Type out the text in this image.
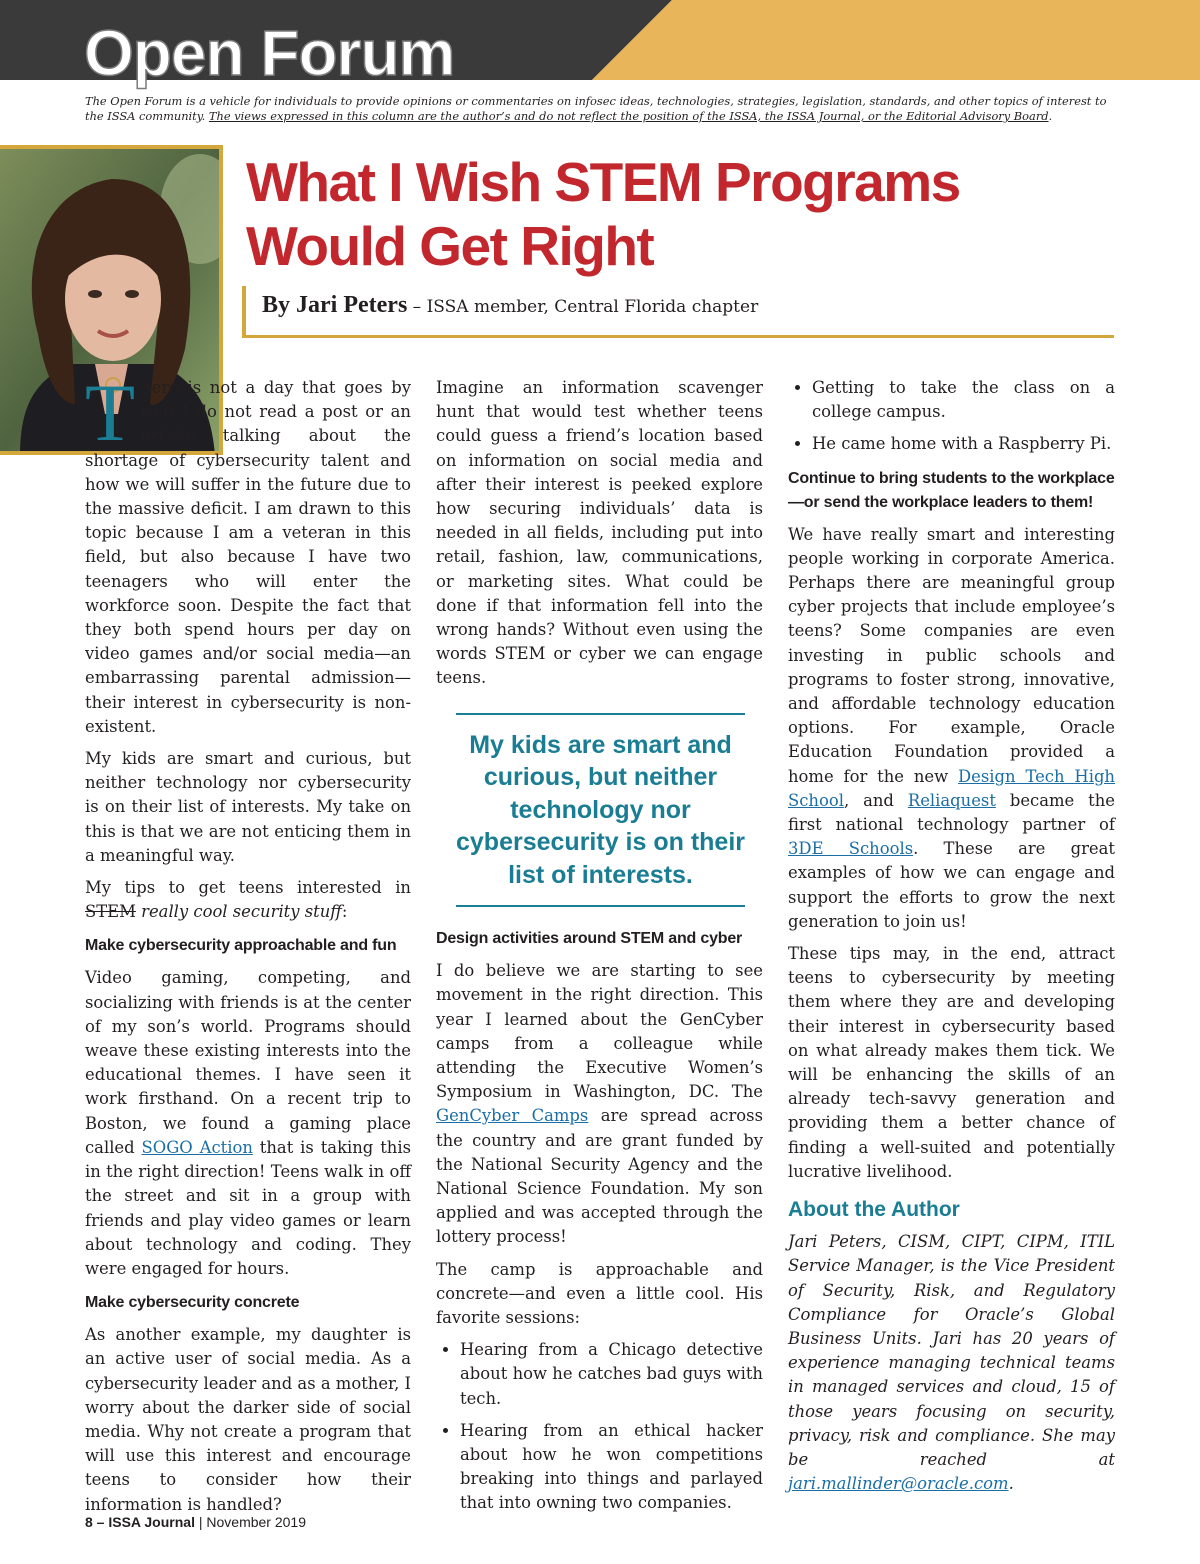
Open Forum
The Open Forum is a vehicle for individuals to provide opinions or commentaries on infosec ideas, technologies, strategies, legislation, standards, and other topics of interest to the ISSA community. The views expressed in this column are the author’s and do not reflect the position of the ISSA, the ISSA Journal, or the Editorial Advisory Board.
What I Wish STEM Programs
Would Get Right
By Jari Peters – ISSA member, Central Florida chapter

There is not a day that goes by that I do not read a post or an article talking about the shortage of cybersecurity talent and how we will suffer in the future due to the massive deficit. I am drawn to this topic because I am a veteran in this field, but also because I have two teenagers who will enter the workforce soon. Despite the fact that they both spend hours per day on video games and/or social media—an embarrassing parental admission—their interest in cybersecurity is non-existent.

My kids are smart and curious, but neither technology nor cybersecurity is on their list of interests. My take on this is that we are not enticing them in a meaningful way.

My tips to get teens interested in STEM really cool security stuff:

Make cybersecurity approachable and fun

Video gaming, competing, and socializing with friends is at the center of my son’s world. Programs should weave these existing interests into the educational themes. I have seen it work firsthand. On a recent trip to Boston, we found a gaming place called SOGO Action that is taking this in the right direction! Teens walk in off the street and sit in a group with friends and play video games or learn about technology and coding. They were engaged for hours.

Make cybersecurity concrete

As another example, my daughter is an active user of social media. As a cybersecurity leader and as a mother, I worry about the darker side of social media. Why not create a program that will use this interest and encourage teens to consider how their information is handled?

Imagine an information scavenger hunt that would test whether teens could guess a friend’s location based on information on social media and after their interest is peeked explore how securing individuals’ data is needed in all fields, including put into retail, fashion, law, communications, or marketing sites. What could be done if that information fell into the wrong hands? Without even using the words STEM or cyber we can engage teens.

My kids are smart and curious, but neither technology nor cybersecurity is on their list of interests.
Design activities around STEM and cyber

I do believe we are starting to see movement in the right direction. This year I learned about the GenCyber camps from a colleague while attending the Executive Women’s Symposium in Washington, DC. The GenCyber Camps are spread across the country and are grant funded by the National Security Agency and the National Science Foundation. My son applied and was accepted through the lottery process!

The camp is approachable and concrete—and even a little cool. His favorite sessions:

• Hearing from a Chicago detective about how he catches bad guys with tech.
• Hearing from an ethical hacker about how he won competitions breaking into things and parlayed that into owning two companies.
• Getting to take the class on a college campus.
• He came home with a Raspberry Pi.
Continue to bring students to the workplace—or send the workplace leaders to them!

We have really smart and interesting people working in corporate America. Perhaps there are meaningful group cyber projects that include employee’s teens? Some companies are even investing in public schools and programs to foster strong, innovative, and affordable technology education options. For example, Oracle Education Foundation provided a home for the new Design Tech High School, and Reliaquest became the first national technology partner of 3DE Schools. These are great examples of how we can engage and support the efforts to grow the next generation to join us!

These tips may, in the end, attract teens to cybersecurity by meeting them where they are and developing their interest in cybersecurity based on what already makes them tick. We will be enhancing the skills of an already tech-savvy generation and providing them a better chance of finding a well-suited and potentially lucrative livelihood.

About the Author

Jari Peters, CISM, CIPT, CIPM, ITIL Service Manager, is the Vice President of Security, Risk, and Regulatory Compliance for Oracle’s Global Business Units. Jari has 20 years of experience managing technical teams in managed services and cloud, 15 of those years focusing on security, privacy, risk and compliance. She may be reached at jari.mallinder@oracle.com.

8 – ISSA Journal | November 2019
